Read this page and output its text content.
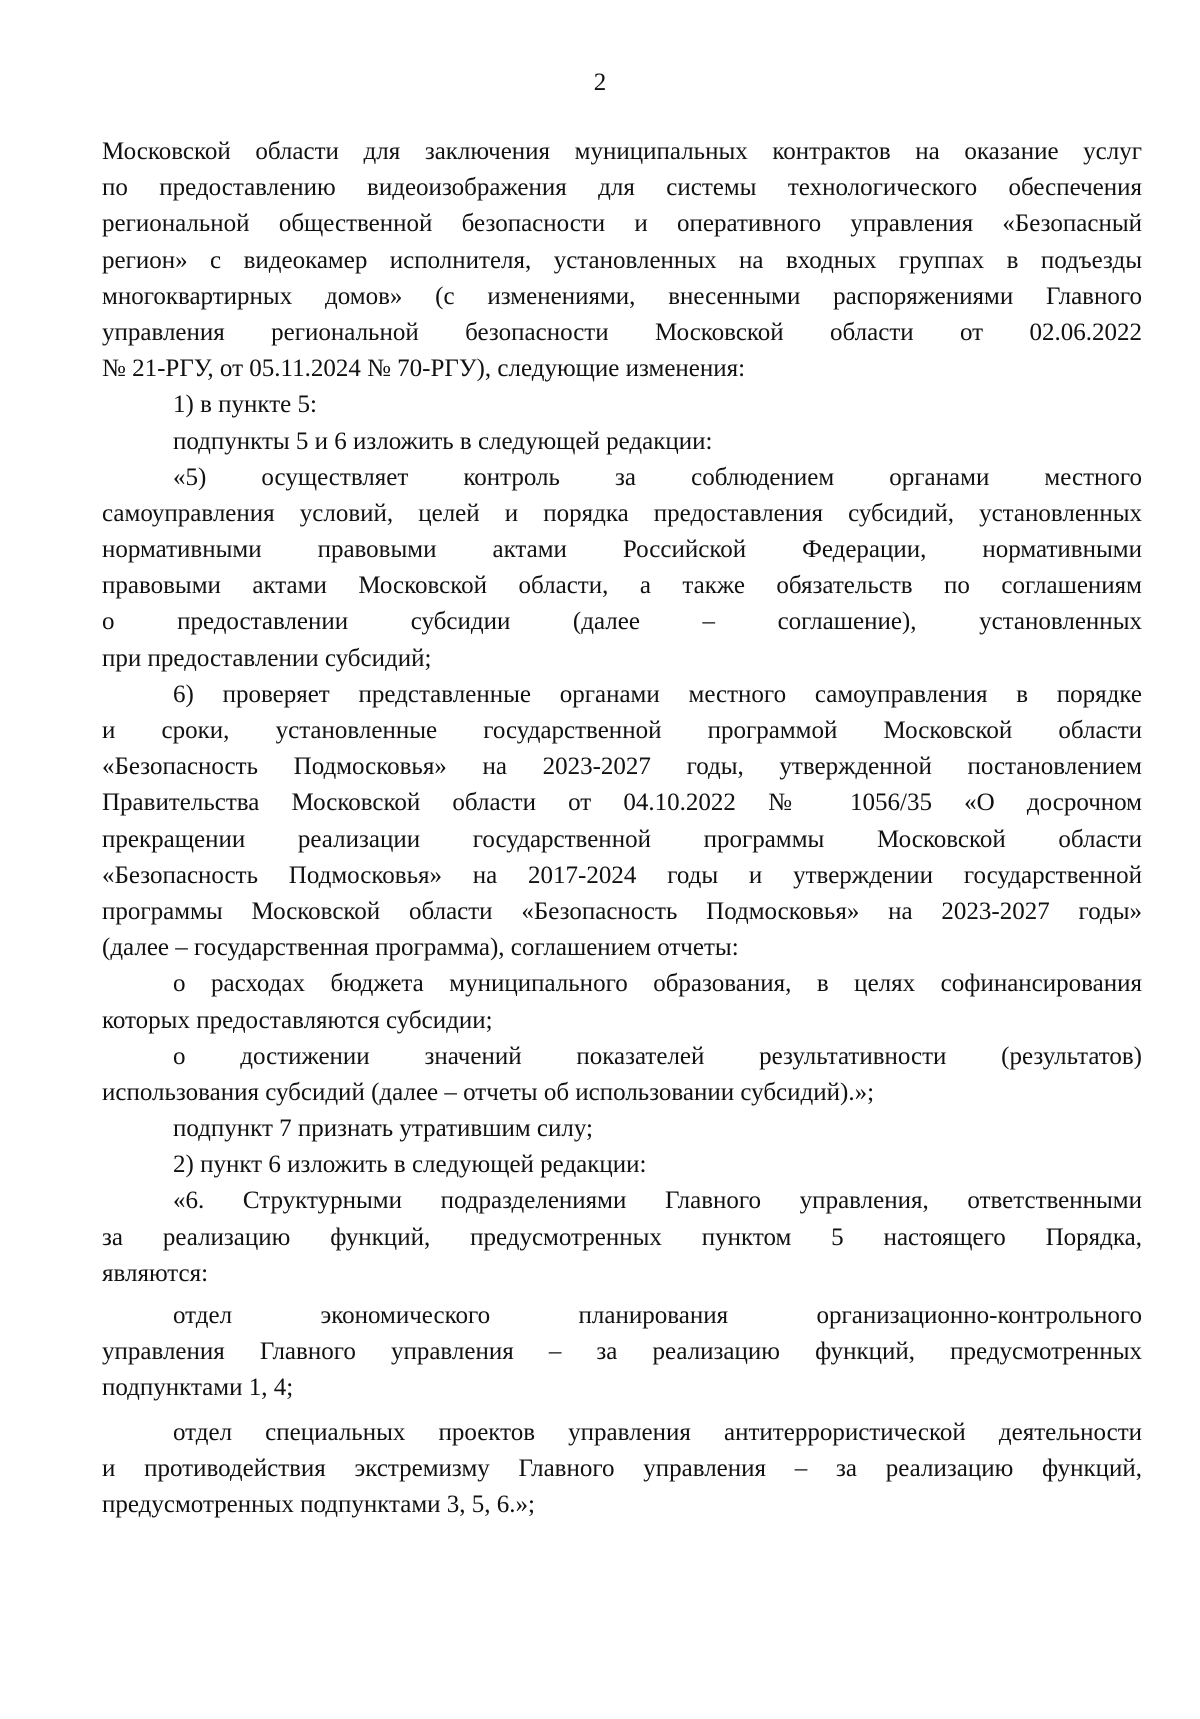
2
Московской области для заключения муниципальных контрактов на оказание услуг
по предоставлению видеоизображения для системы технологического обеспечения
региональной общественной безопасности и оперативного управления «Безопасный
регион» с видеокамер исполнителя, установленных на входных группах в подъезды
многоквартирных домов» (с изменениями, внесенными распоряжениями Главного
управления региональной безопасности Московской области от 02.06.2022
№ 21-РГУ, от 05.11.2024 № 70-РГУ), следующие изменения:
1) в пункте 5:
подпункты 5 и 6 изложить в следующей редакции:
«5) осуществляет контроль за соблюдением органами местного
самоуправления условий, целей и порядка предоставления субсидий, установленных
нормативными правовыми актами Российской Федерации, нормативными
правовыми актами Московской области, а также обязательств по соглашениям
о предоставлении субсидии (далее – соглашение), установленных
при предоставлении субсидий;
6) проверяет представленные органами местного самоуправления в порядке
и сроки, установленные государственной программой Московской области
«Безопасность Подмосковья» на 2023-2027 годы, утвержденной постановлением
Правительства Московской области от 04.10.2022 № 1056/35 «О досрочном
прекращении реализации государственной программы Московской области
«Безопасность Подмосковья» на 2017-2024 годы и утверждении государственной
программы Московской области «Безопасность Подмосковья» на 2023-2027 годы»
(далее – государственная программа), соглашением отчеты:
о расходах бюджета муниципального образования, в целях софинансирования
которых предоставляются субсидии;
о достижении значений показателей результативности (результатов)
использования субсидий (далее – отчеты об использовании субсидий).»;
подпункт 7 признать утратившим силу;
2) пункт 6 изложить в следующей редакции:
«6. Структурными подразделениями Главного управления, ответственными
за реализацию функций, предусмотренных пунктом 5 настоящего Порядка,
являются:
отдел экономического планирования организационно-контрольного
управления Главного управления – за реализацию функций, предусмотренных
подпунктами 1, 4;
отдел специальных проектов управления антитеррористической деятельности
и противодействия экстремизму Главного управления – за реализацию функций,
предусмотренных подпунктами 3, 5, 6.»;
